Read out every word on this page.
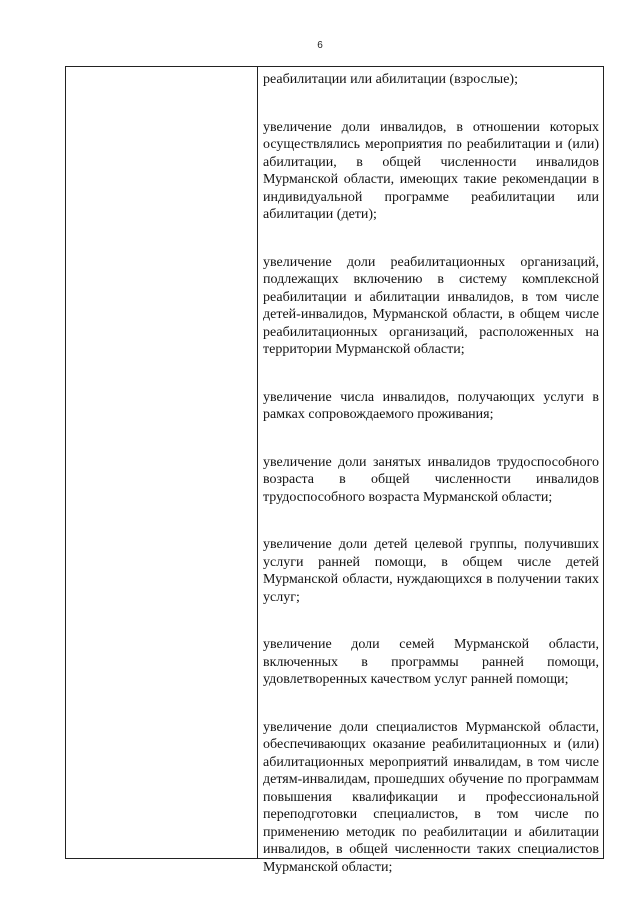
6

реабилитации или абилитации (взрослые);

увеличение доли инвалидов, в отношении которых осуществлялись мероприятия по реабилитации и (или) абилитации, в общей численности инвалидов Мурманской области, имеющих такие рекомендации в индивидуальной программе реабилитации или абилитации (дети);

увеличение доли реабилитационных организаций, подлежащих включению в систему комплексной реабилитации и абилитации инвалидов, в том числе детей-инвалидов, Мурманской области, в общем числе реабилитационных организаций, расположенных на территории Мурманской области;

увеличение числа инвалидов, получающих услуги в рамках сопровождаемого проживания;

увеличение доли занятых инвалидов трудоспособного возраста в общей численности инвалидов трудоспособного возраста Мурманской области;

увеличение доли детей целевой группы, получивших услуги ранней помощи, в общем числе детей Мурманской области, нуждающихся в получении таких услуг;

увеличение доли семей Мурманской области, включенных в программы ранней помощи, удовлетворенных качеством услуг ранней помощи;

увеличение доли специалистов Мурманской области, обеспечивающих оказание реабилитационных и (или) абилитационных мероприятий инвалидам, в том числе детям-инвалидам, прошедших обучение по программам повышения квалификации и профессиональной переподготовки специалистов, в том числе по применению методик по реабилитации и абилитации инвалидов, в общей численности таких специалистов Мурманской области;
